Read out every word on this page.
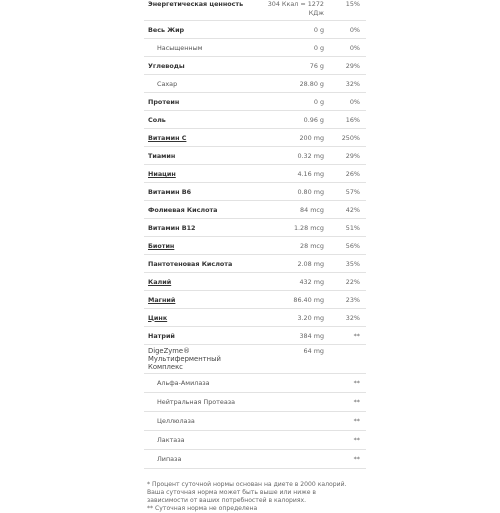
Энергетическая ценность	304 Ккал = 1272 КДж	15%
Весь Жир	0 g	0%
Насыщенным	0 g	0%
Углеводы	76 g	29%
Сахар	28.80 g	32%
Протеин	0 g	0%
Соль	0.96 g	16%
Витамин C	200 mg	250%
Тиамин	0.32 mg	29%
Ниацин	4.16 mg	26%
Витамин B6	0.80 mg	57%
Фолиевая Кислота	84 mcg	42%
Витамин B12	1.28 mcg	51%
Биотин	28 mcg	56%
Пантотеновая Кислота	2.08 mg	35%
Калий	432 mg	22%
Магний	86.40 mg	23%
Цинк	3.20 mg	32%
Натрий	384 mg	**
DigeZyme® Мультиферментный Комплекс	64 mg	
Альфа-Амилаза		**
Нейтральная Протеаза		**
Целлюлаза		**
Лактаза		**
Липаза		**
* Процент суточной нормы основан на диете в 2000 калорий. Ваша суточная норма может быть выше или ниже в зависимости от ваших потребностей в калориях.
** Суточная норма не определена
